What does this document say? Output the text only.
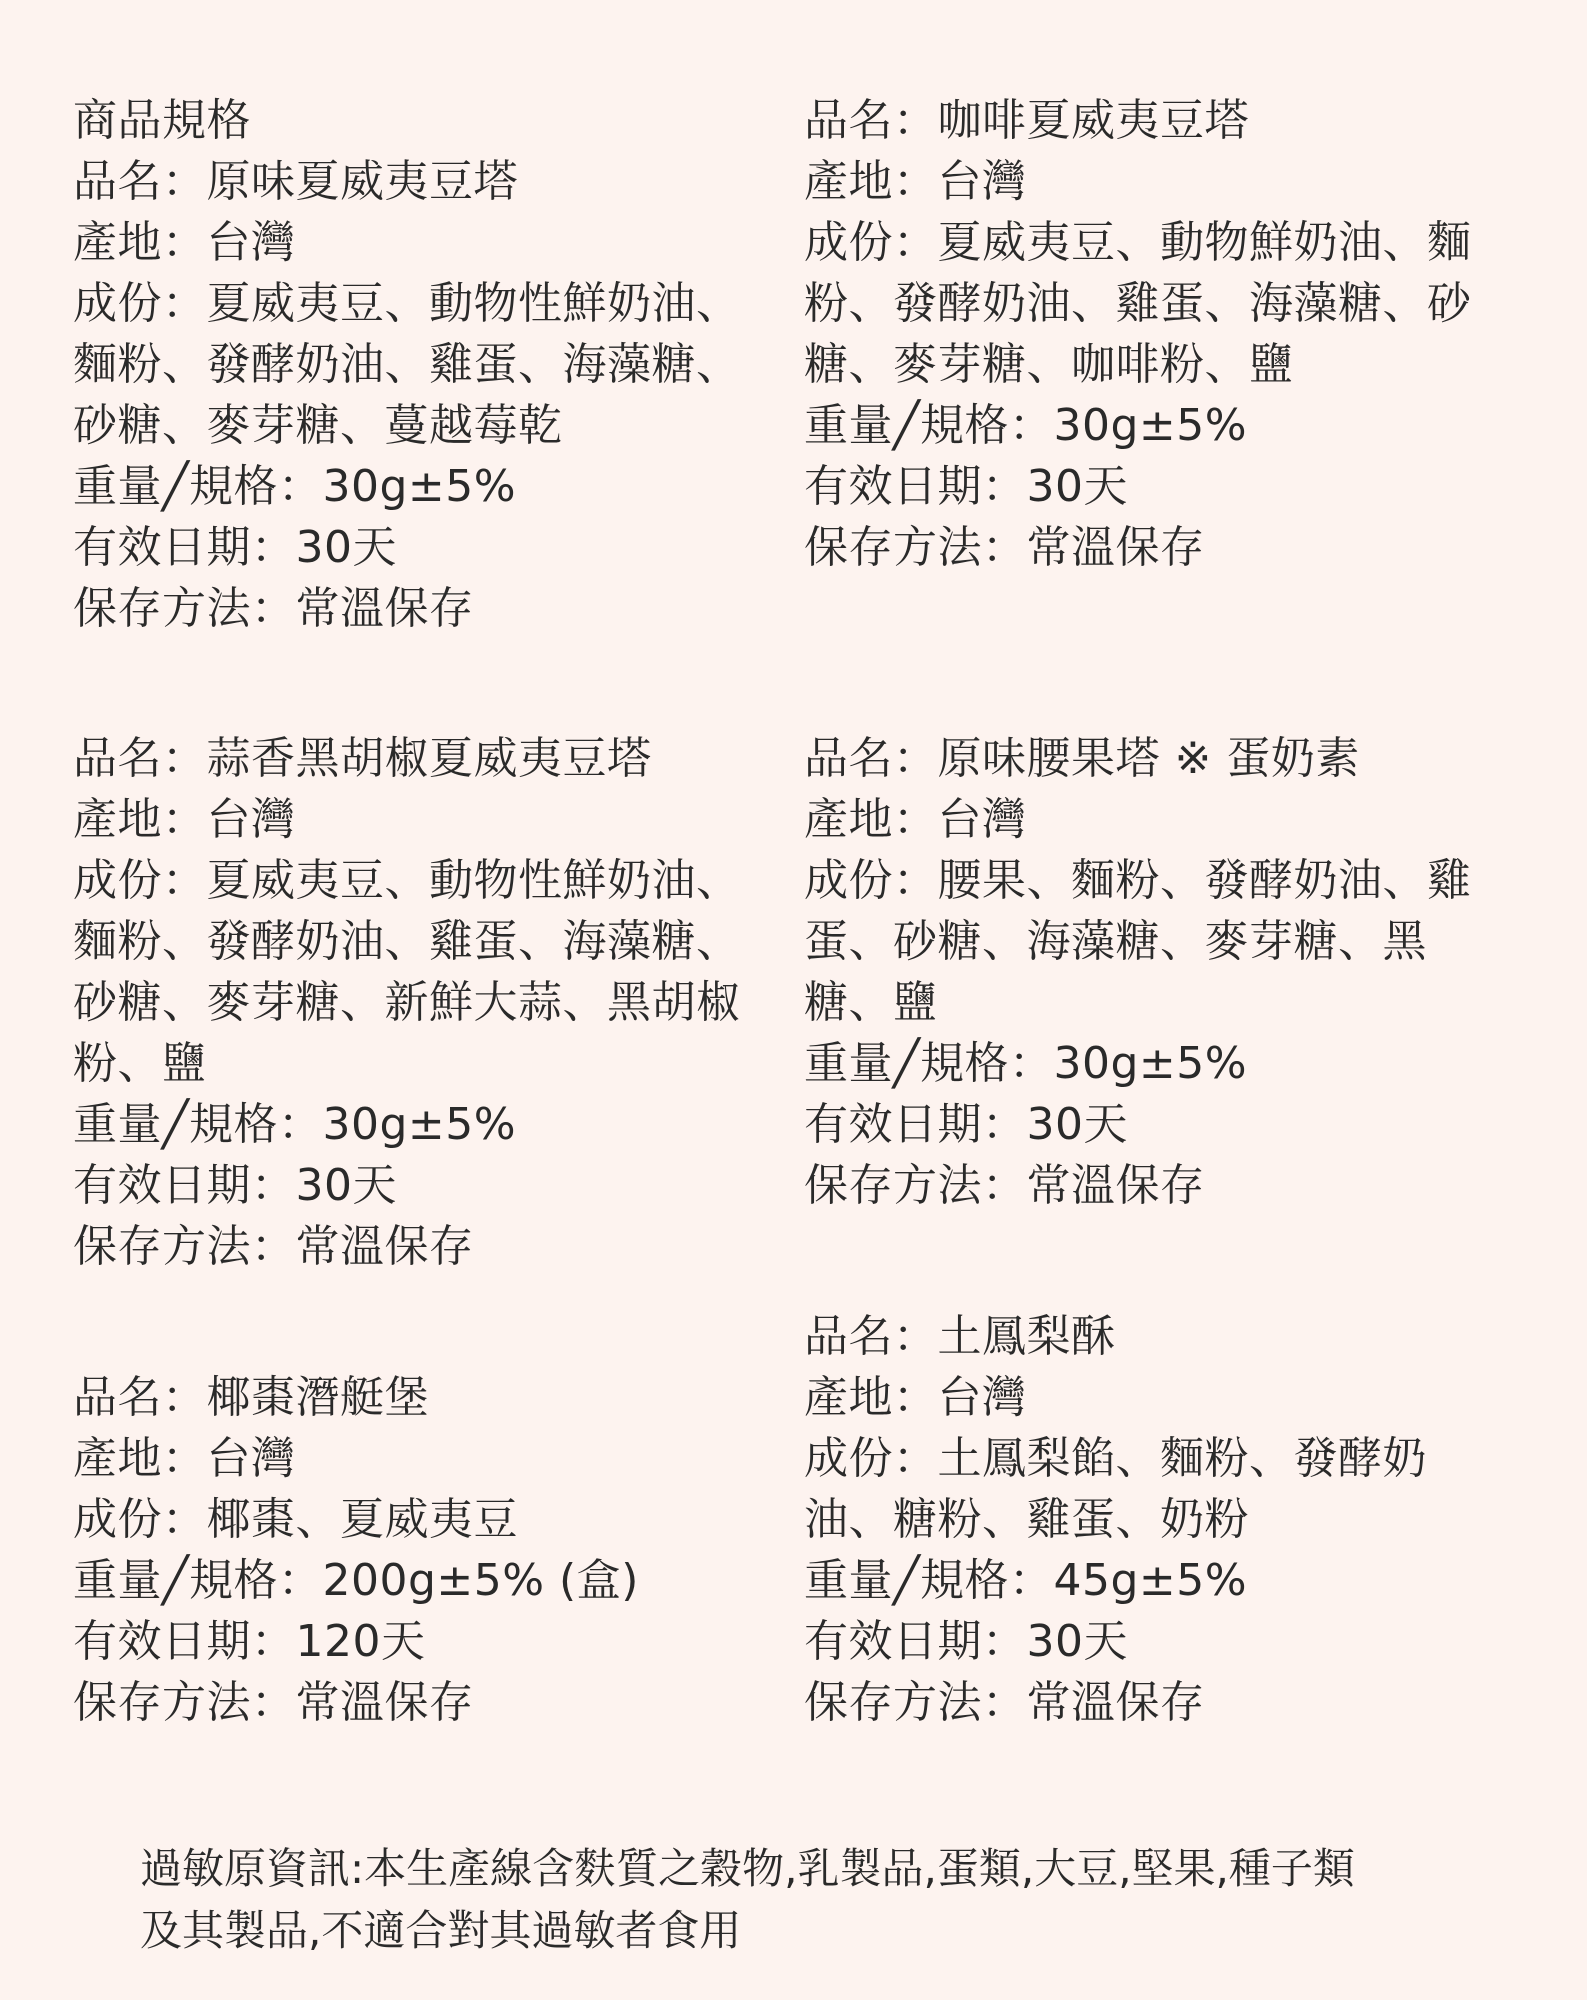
商品規格
品名：原味夏威夷豆塔
產地：台灣
成份：夏威夷豆、動物性鮮奶油、
麵粉、發酵奶油、雞蛋、海藻糖、
砂糖、麥芽糖、蔓越莓乾
重量╱規格：30g±5%
有效日期：30天
保存方法：常溫保存
品名：咖啡夏威夷豆塔
產地：台灣
成份：夏威夷豆、動物鮮奶油、麵
粉、發酵奶油、雞蛋、海藻糖、砂
糖、麥芽糖、咖啡粉、鹽
重量╱規格：30g±5%
有效日期：30天
保存方法：常溫保存
品名：蒜香黑胡椒夏威夷豆塔
產地：台灣
成份：夏威夷豆、動物性鮮奶油、
麵粉、發酵奶油、雞蛋、海藻糖、
砂糖、麥芽糖、新鮮大蒜、黑胡椒
粉、鹽
重量╱規格：30g±5%
有效日期：30天
保存方法：常溫保存
品名：原味腰果塔 ※ 蛋奶素
產地：台灣
成份：腰果、麵粉、發酵奶油、雞
蛋、砂糖、海藻糖、麥芽糖、黑
糖、鹽
重量╱規格：30g±5%
有效日期：30天
保存方法：常溫保存
品名：椰棗潛艇堡
產地：台灣
成份：椰棗、夏威夷豆
重量╱規格：200g±5% (盒)
有效日期：120天
保存方法：常溫保存
品名：土鳳梨酥
產地：台灣
成份：土鳳梨餡、麵粉、發酵奶
油、糖粉、雞蛋、奶粉
重量╱規格：45g±5%
有效日期：30天
保存方法：常溫保存
過敏原資訊:本生產線含麩質之穀物,乳製品,蛋類,大豆,堅果,種子類
及其製品,不適合對其過敏者食用
